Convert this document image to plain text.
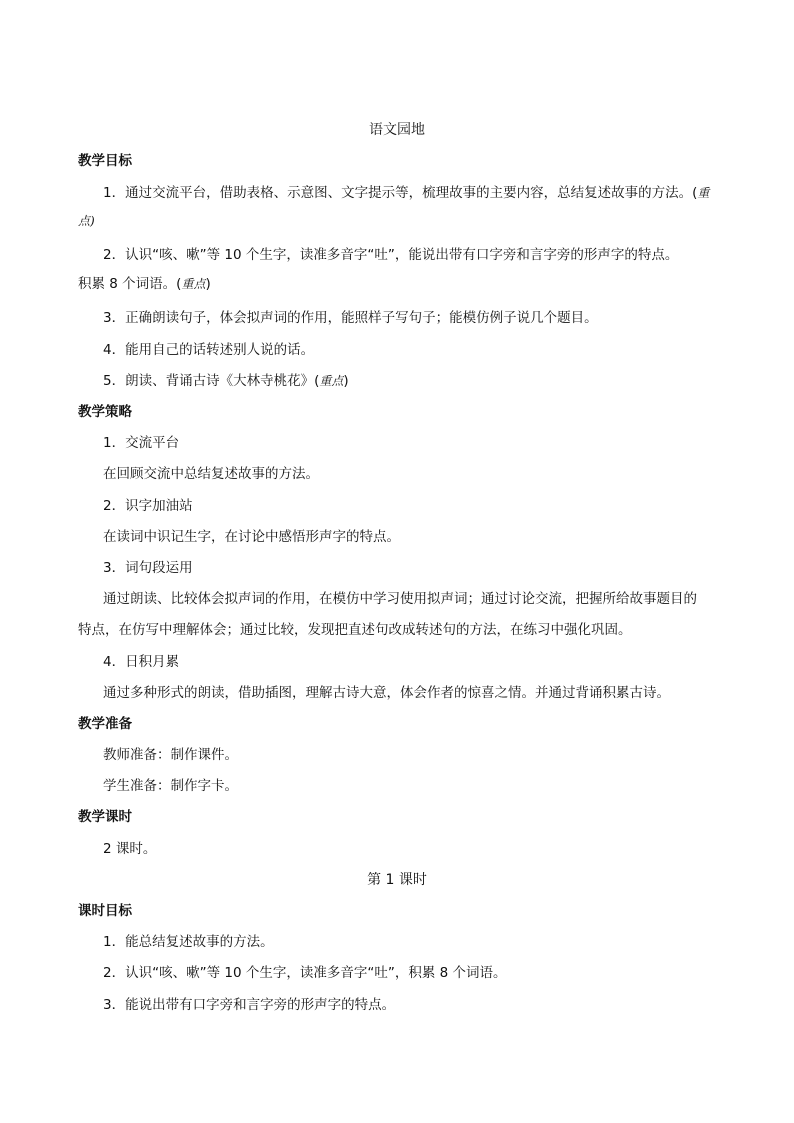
语文园地
教学目标
1．通过交流平台，借助表格、示意图、文字提示等，梳理故事的主要内容，总结复述故事的方法。(重
点)
2．认识“咳、嗽”等 10 个生字，读准多音字“吐”，能说出带有口字旁和言字旁的形声字的特点。
积累 8 个词语。(重点)
3．正确朗读句子，体会拟声词的作用，能照样子写句子；能模仿例子说几个题目。
4．能用自己的话转述别人说的话。
5．朗读、背诵古诗《大林寺桃花》(重点)
教学策略
1．交流平台
在回顾交流中总结复述故事的方法。
2．识字加油站
在读词中识记生字，在讨论中感悟形声字的特点。
3．词句段运用
通过朗读、比较体会拟声词的作用，在模仿中学习使用拟声词；通过讨论交流，把握所给故事题目的
特点，在仿写中理解体会；通过比较，发现把直述句改成转述句的方法，在练习中强化巩固。
4．日积月累
通过多种形式的朗读，借助插图，理解古诗大意，体会作者的惊喜之情。并通过背诵积累古诗。
教学准备
教师准备：制作课件。
学生准备：制作字卡。
教学课时
2 课时。
第 1 课时
课时目标
1．能总结复述故事的方法。
2．认识“咳、嗽”等 10 个生字，读准多音字“吐”，积累 8 个词语。
3．能说出带有口字旁和言字旁的形声字的特点。
